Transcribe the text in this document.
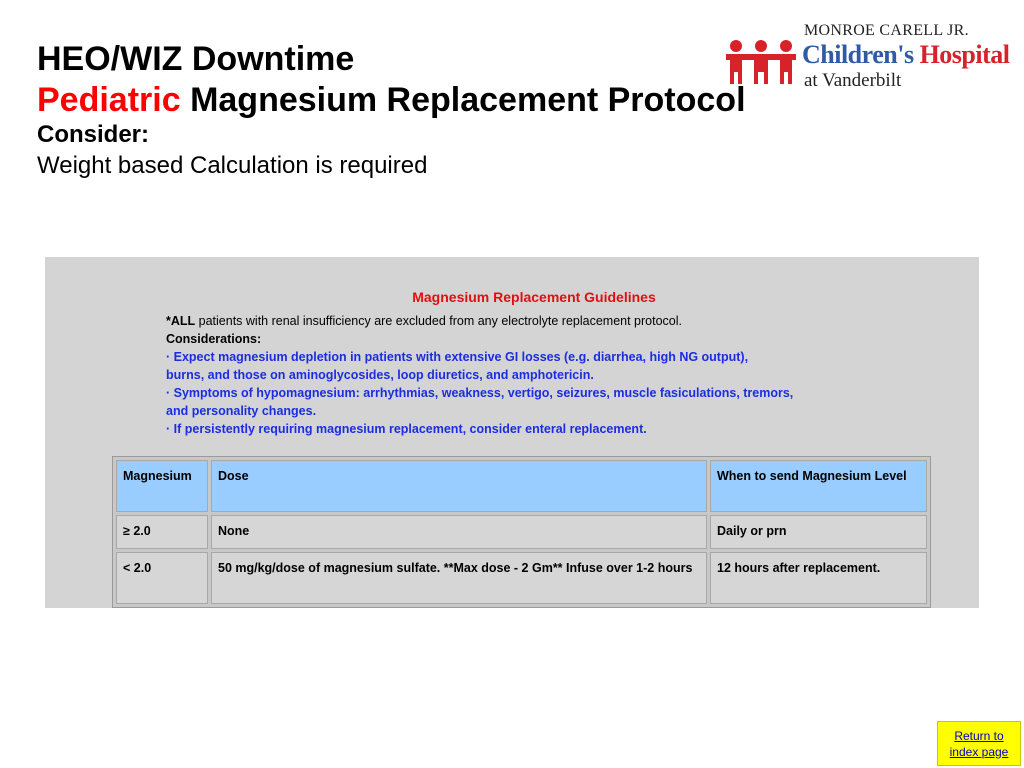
HEO/WIZ Downtime
Pediatric Magnesium Replacement Protocol
Consider:
Weight based Calculation is required
MONROE CARELL JR.
Children's Hospital
at Vanderbilt
Magnesium Replacement Guidelines
*ALL patients with renal insufficiency are excluded from any electrolyte replacement protocol.
Considerations:
· Expect magnesium depletion in patients with extensive GI losses (e.g. diarrhea, high NG output),
burns, and those on aminoglycosides, loop diuretics, and amphotericin.
· Symptoms of hypomagnesium: arrhythmias, weakness, vertigo, seizures, muscle fasiculations, tremors,
and personality changes.
· If persistently requiring magnesium replacement, consider enteral replacement.
Magnesium	Dose	When to send Magnesium Level
≥ 2.0	None	Daily or prn
< 2.0	50 mg/kg/dose of magnesium sulfate. **Max dose - 2 Gm** Infuse over 1-2 hours	12 hours after replacement.
Return to index page
